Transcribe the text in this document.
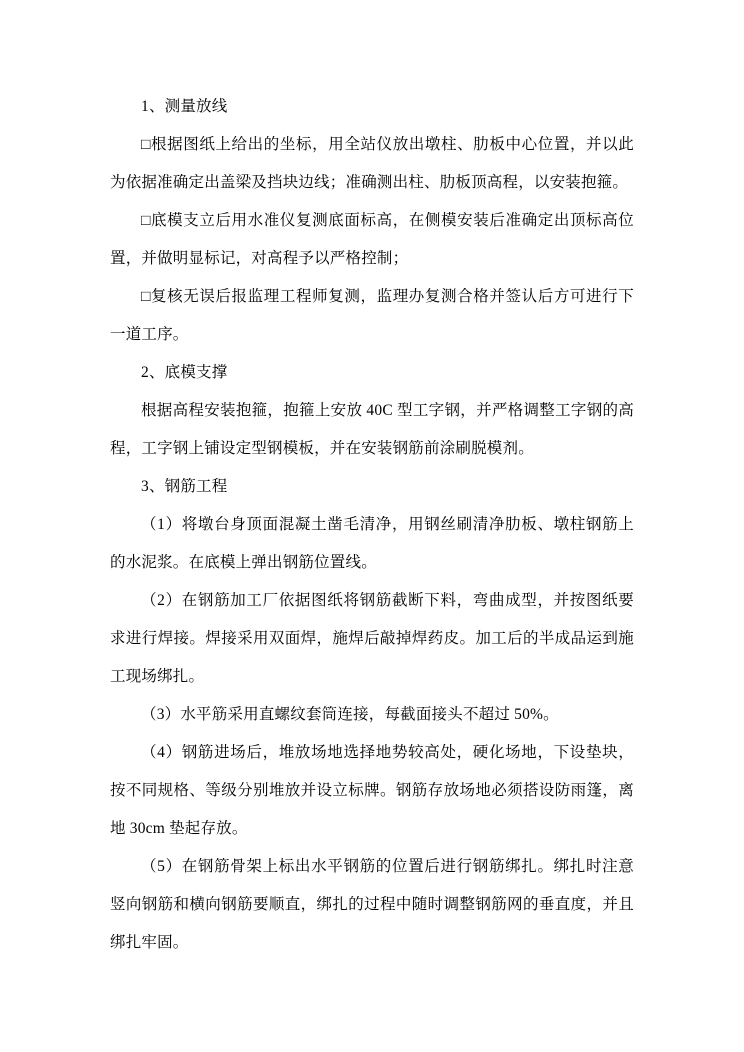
1、测量放线

□根据图纸上给出的坐标，用全站仪放出墩柱、肋板中心位置，并以此为依据准确定出盖梁及挡块边线；准确测出柱、肋板顶高程，以安装抱箍。

□底模支立后用水准仪复测底面标高，在侧模安装后准确定出顶标高位置，并做明显标记，对高程予以严格控制；

□复核无误后报监理工程师复测，监理办复测合格并签认后方可进行下一道工序。

2、底模支撑

根据高程安装抱箍，抱箍上安放 40C 型工字钢，并严格调整工字钢的高程，工字钢上铺设定型钢模板，并在安装钢筋前涂刷脱模剂。

3、钢筋工程

（1）将墩台身顶面混凝土凿毛清净，用钢丝刷清净肋板、墩柱钢筋上的水泥浆。在底模上弹出钢筋位置线。

（2）在钢筋加工厂依据图纸将钢筋截断下料，弯曲成型，并按图纸要求进行焊接。焊接采用双面焊，施焊后敲掉焊药皮。加工后的半成品运到施工现场绑扎。

（3）水平筋采用直螺纹套筒连接，每截面接头不超过 50%。

（4）钢筋进场后，堆放场地选择地势较高处，硬化场地，下设垫块，按不同规格、等级分别堆放并设立标牌。钢筋存放场地必须搭设防雨篷，离地 30cm 垫起存放。

（5）在钢筋骨架上标出水平钢筋的位置后进行钢筋绑扎。绑扎时注意竖向钢筋和横向钢筋要顺直，绑扎的过程中随时调整钢筋网的垂直度，并且绑扎牢固。
